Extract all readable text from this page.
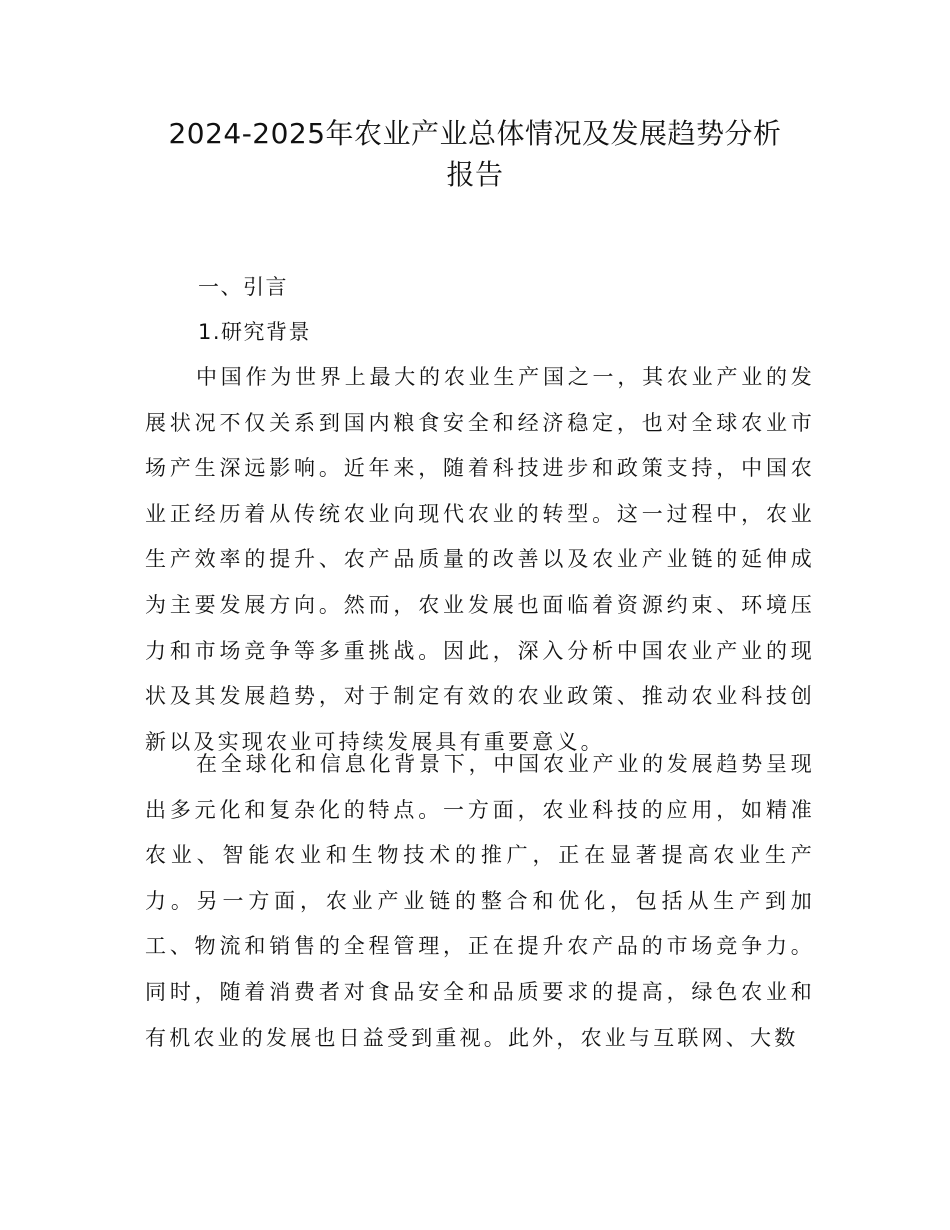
2024-2025年农业产业总体情况及发展趋势分析
报告
一、引言
1.研究背景

中国作为世界上最大的农业生产国之一，其农业产业的发展状况不仅关系到国内粮食安全和经济稳定，也对全球农业市场产生深远影响。近年来，随着科技进步和政策支持，中国农业正经历着从传统农业向现代农业的转型。这一过程中，农业生产效率的提升、农产品质量的改善以及农业产业链的延伸成为主要发展方向。然而，农业发展也面临着资源约束、环境压力和市场竞争等多重挑战。因此，深入分析中国农业产业的现状及其发展趋势，对于制定有效的农业政策、推动农业科技创新以及实现农业可持续发展具有重要意义。

在全球化和信息化背景下，中国农业产业的发展趋势呈现出多元化和复杂化的特点。一方面，农业科技的应用，如精准农业、智能农业和生物技术的推广，正在显著提高农业生产力。另一方面，农业产业链的整合和优化，包括从生产到加工、物流和销售的全程管理，正在提升农产品的市场竞争力。同时，随着消费者对食品安全和品质要求的提高，绿色农业和有机农业的发展也日益受到重视。此外，农业与互联网、大数
